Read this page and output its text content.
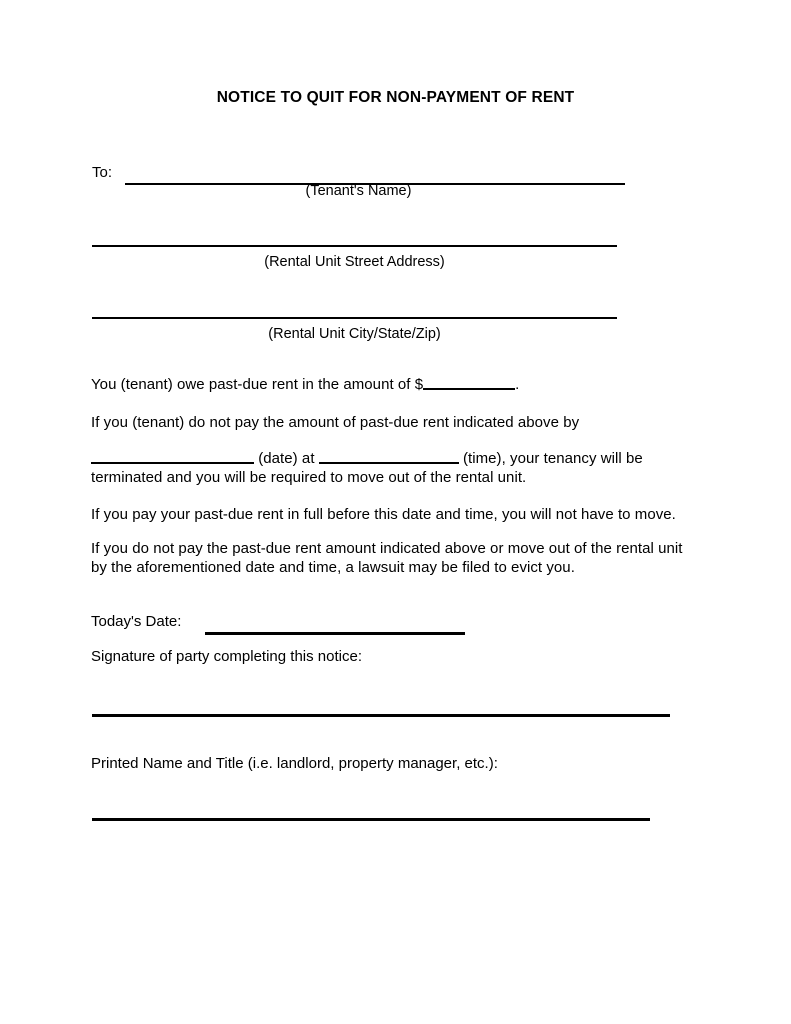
NOTICE TO QUIT FOR NON-PAYMENT OF RENT
To:
(Tenant's Name)
(Rental Unit Street Address)
(Rental Unit City/State/Zip)
You (tenant) owe past-due rent in the amount of $	.
If you (tenant) do not pay the amount of past-due rent indicated above by
(date) at	(time), your tenancy will be
terminated and you will be required to move out of the rental unit.
If you pay your past-due rent in full before this date and time, you will not have to move.
If you do not pay the past-due rent amount indicated above or move out of the rental unit by the aforementioned date and time, a lawsuit may be filed to evict you.
Today's Date:
Signature of party completing this notice:
Printed Name and Title (i.e. landlord, property manager, etc.):
